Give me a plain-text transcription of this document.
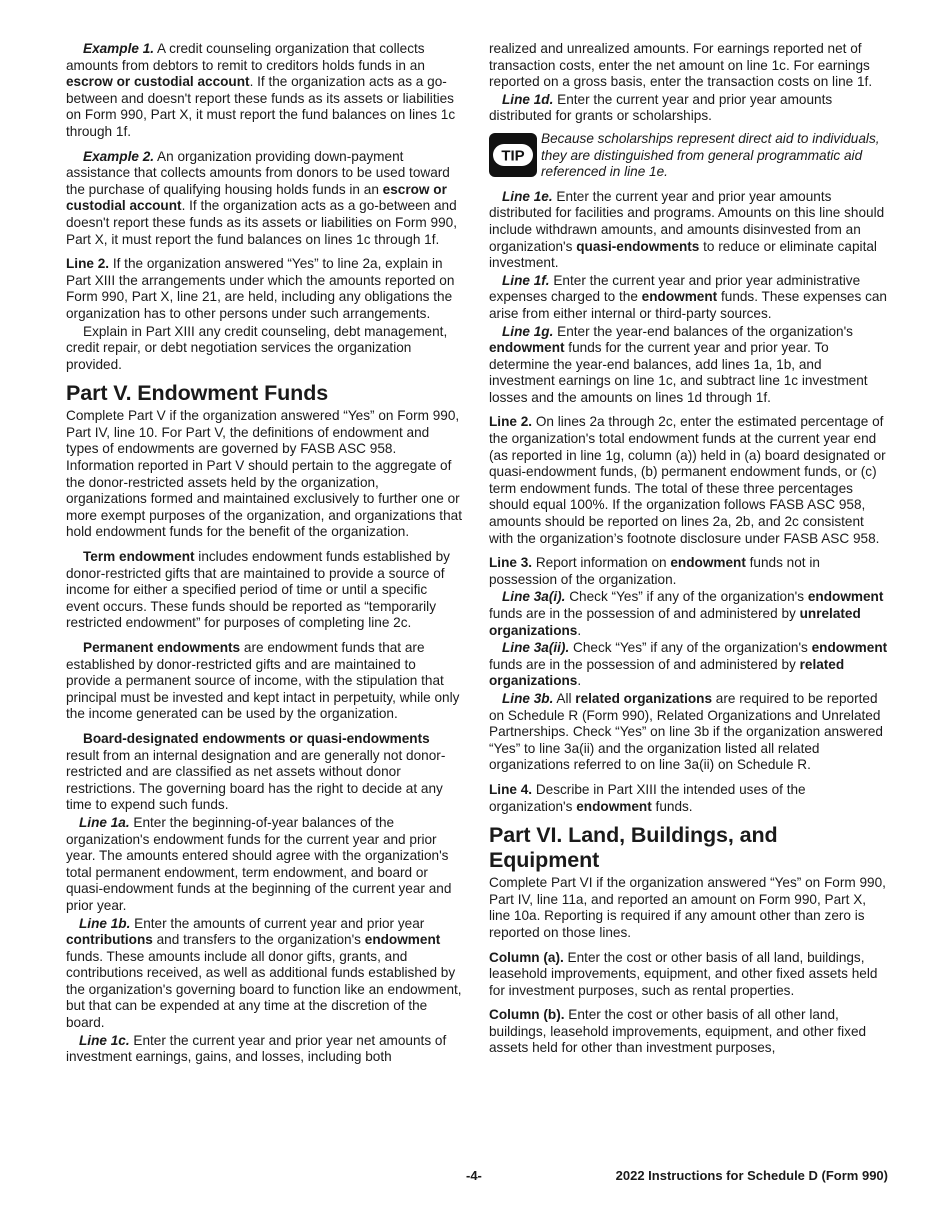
Example 1. A credit counseling organization that collects amounts from debtors to remit to creditors holds funds in an escrow or custodial account. If the organization acts as a go-between and doesn't report these funds as its assets or liabilities on Form 990, Part X, it must report the fund balances on lines 1c through 1f.

Example 2. An organization providing down-payment assistance that collects amounts from donors to be used toward the purchase of qualifying housing holds funds in an escrow or custodial account. If the organization acts as a go-between and doesn't report these funds as its assets or liabilities on Form 990, Part X, it must report the fund balances on lines 1c through 1f.

Line 2. If the organization answered “Yes” to line 2a, explain in Part XIII the arrangements under which the amounts reported on Form 990, Part X, line 21, are held, including any obligations the organization has to other persons under such arrangements.

Explain in Part XIII any credit counseling, debt management, credit repair, or debt negotiation services the organization provided.

Part V. Endowment Funds

Complete Part V if the organization answered “Yes” on Form 990, Part IV, line 10. For Part V, the definitions of endowment and types of endowments are governed by FASB ASC 958. Information reported in Part V should pertain to the aggregate of the donor-restricted assets held by the organization, organizations formed and maintained exclusively to further one or more exempt purposes of the organization, and organizations that hold endowment funds for the benefit of the organization.

Term endowment includes endowment funds established by donor-restricted gifts that are maintained to provide a source of income for either a specified period of time or until a specific event occurs. These funds should be reported as “temporarily restricted endowment” for purposes of completing line 2c.

Permanent endowments are endowment funds that are established by donor-restricted gifts and are maintained to provide a permanent source of income, with the stipulation that principal must be invested and kept intact in perpetuity, while only the income generated can be used by the organization.

Board-designated endowments or quasi-endowments result from an internal designation and are generally not donor-restricted and are classified as net assets without donor restrictions. The governing board has the right to decide at any time to expend such funds.

Line 1a. Enter the beginning-of-year balances of the organization's endowment funds for the current year and prior year. The amounts entered should agree with the organization's total permanent endowment, term endowment, and board or quasi-endowment funds at the beginning of the current year and prior year.

Line 1b. Enter the amounts of current year and prior year contributions and transfers to the organization's endowment funds. These amounts include all donor gifts, grants, and contributions received, as well as additional funds established by the organization's governing board to function like an endowment, but that can be expended at any time at the discretion of the board.

Line 1c. Enter the current year and prior year net amounts of investment earnings, gains, and losses, including both

realized and unrealized amounts. For earnings reported net of transaction costs, enter the net amount on line 1c. For earnings reported on a gross basis, enter the transaction costs on line 1f.

Line 1d. Enter the current year and prior year amounts distributed for grants or scholarships.

TIP
Because scholarships represent direct aid to individuals, they are distinguished from general programmatic aid referenced in line 1e.

Line 1e. Enter the current year and prior year amounts distributed for facilities and programs. Amounts on this line should include withdrawn amounts, and amounts disinvested from an organization's quasi-endowments to reduce or eliminate capital investment.

Line 1f. Enter the current year and prior year administrative expenses charged to the endowment funds. These expenses can arise from either internal or third-party sources.

Line 1g. Enter the year-end balances of the organization's endowment funds for the current year and prior year. To determine the year-end balances, add lines 1a, 1b, and investment earnings on line 1c, and subtract line 1c investment losses and the amounts on lines 1d through 1f.

Line 2. On lines 2a through 2c, enter the estimated percentage of the organization's total endowment funds at the current year end (as reported in line 1g, column (a)) held in (a) board designated or quasi-endowment funds, (b) permanent endowment funds, or (c) term endowment funds. The total of these three percentages should equal 100%. If the organization follows FASB ASC 958, amounts should be reported on lines 2a, 2b, and 2c consistent with the organization’s footnote disclosure under FASB ASC 958.

Line 3. Report information on endowment funds not in possession of the organization.

Line 3a(i). Check “Yes” if any of the organization's endowment funds are in the possession of and administered by unrelated organizations.

Line 3a(ii). Check “Yes” if any of the organization's endowment funds are in the possession of and administered by related organizations.

Line 3b. All related organizations are required to be reported on Schedule R (Form 990), Related Organizations and Unrelated Partnerships. Check “Yes” on line 3b if the organization answered “Yes” to line 3a(ii) and the organization listed all related organizations referred to on line 3a(ii) on Schedule R.

Line 4. Describe in Part XIII the intended uses of the organization's endowment funds.

Part VI. Land, Buildings, and Equipment

Complete Part VI if the organization answered “Yes” on Form 990, Part IV, line 11a, and reported an amount on Form 990, Part X, line 10a. Reporting is required if any amount other than zero is reported on those lines.

Column (a). Enter the cost or other basis of all land, buildings, leasehold improvements, equipment, and other fixed assets held for investment purposes, such as rental properties.

Column (b). Enter the cost or other basis of all other land, buildings, leasehold improvements, equipment, and other fixed assets held for other than investment purposes,

-4-	2022 Instructions for Schedule D (Form 990)
